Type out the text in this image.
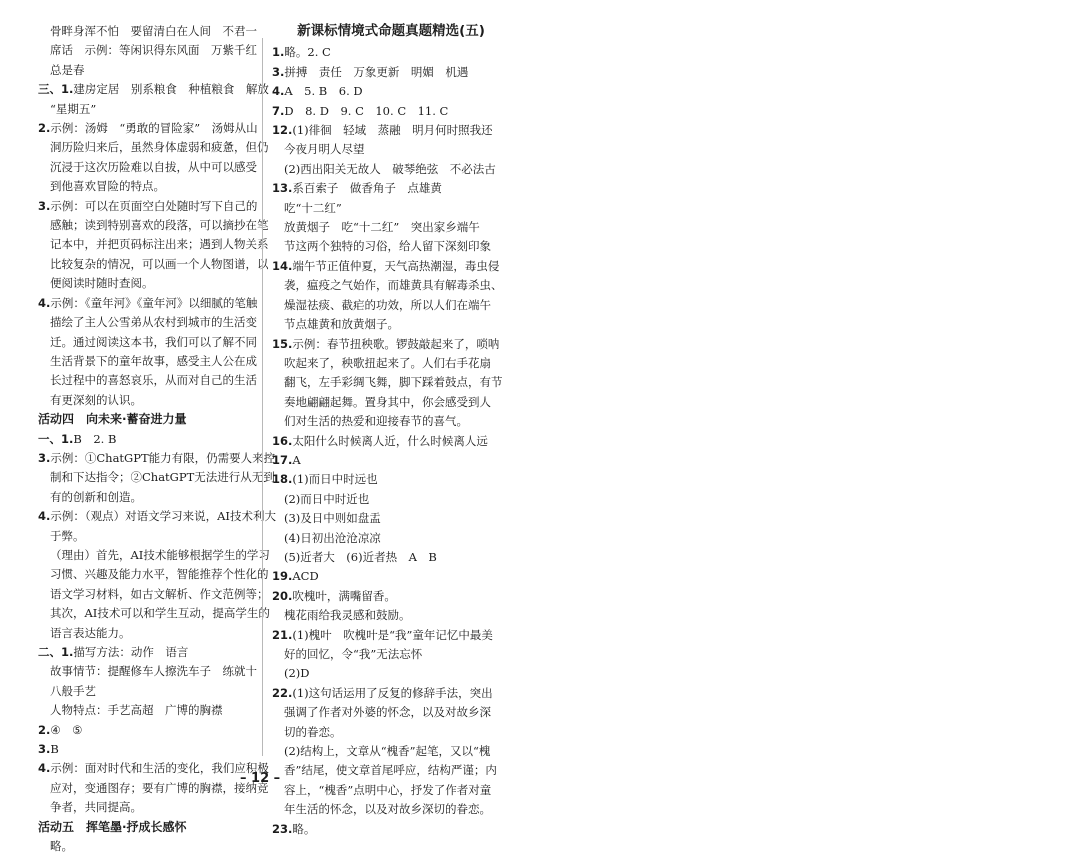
骨畔身浑不怕　要留清白在人间　不君一
席话　示例：等闲识得东风面　万紫千红
总是春
三、1.建房定居　别系粮食　种植粮食　解放
“星期五”
2.示例：汤姆　“勇敢的冒险家”　汤姆从山
洞历险归来后，虽然身体虚弱和疲惫，但仍
沉浸于这次历险难以自拔，从中可以感受
到他喜欢冒险的特点。
3.示例：可以在页面空白处随时写下自己的
感触；读到特别喜欢的段落，可以摘抄在笔
记本中，并把页码标注出来；遇到人物关系
比较复杂的情况，可以画一个人物图谱，以
便阅读时随时查阅。
4.示例：《童年河》《童年河》以细腻的笔触
描绘了主人公雪弟从农村到城市的生活变
迁。通过阅读这本书，我们可以了解不同
生活背景下的童年故事，感受主人公在成
长过程中的喜怒哀乐，从而对自己的生活
有更深刻的认识。
活动四　向未来·蓄奋进力量
一、1.B　2. B
3.示例：①ChatGPT能力有限，仍需要人来控
制和下达指令；②ChatGPT无法进行从无到
有的创新和创造。
4.示例：（观点）对语文学习来说，AI技术利大
于弊。
（理由）首先，AI技术能够根据学生的学习
习惯、兴趣及能力水平，智能推荐个性化的
语文学习材料，如古文解析、作文范例等；
其次，AI技术可以和学生互动，提高学生的
语言表达能力。
二、1.描写方法：动作　语言
故事情节：提醒修车人擦洗车子　练就十
八般手艺
人物特点：手艺高超　广博的胸襟
2.④　⑤
3.B
4.示例：面对时代和生活的变化，我们应积极
应对，变通图存；要有广博的胸襟，接纳竞
争者，共同提高。
活动五　挥笔墨·抒成长感怀
略。
新课标情境式命题真题精选(五)
1.略。2. C
3.拼搏　责任　万象更新　明媚　机遇
4.A　5. B　6. D
7.D　8. D　9. C　10. C　11. C
12.(1)徘徊　轻域　蒸融　明月何时照我还
今夜月明人尽望
(2)西出阳关无故人　破琴绝弦　不必法古
13.系百索子　做香角子　点雄黄
吃“十二红”
放黄烟子　吃“十二红”　突出家乡端午
节这两个独特的习俗，给人留下深刻印象
14.端午节正值仲夏，天气高热潮湿，毒虫侵
袭，瘟疫之气始作，而雄黄具有解毒杀虫、
燥湿祛痰、截疟的功效，所以人们在端午
节点雄黄和放黄烟子。
15.示例：春节扭秧歌。锣鼓敲起来了，唢呐
吹起来了，秧歌扭起来了。人们右手花扇
翻飞，左手彩绸飞舞，脚下踩着鼓点，有节
奏地翩翩起舞。置身其中，你会感受到人
们对生活的热爱和迎接春节的喜气。
16.太阳什么时候离人近，什么时候离人远
17.A
18.(1)而日中时远也
(2)而日中时近也
(3)及日中则如盘盂
(4)日初出沧沧凉凉
(5)近者大　(6)近者热　A　B
19.ACD
20.吹槐叶，满嘴留香。
槐花雨给我灵感和鼓励。
21.(1)槐叶　吹槐叶是“我”童年记忆中最美
好的回忆，令“我”无法忘怀
(2)D
22.(1)这句话运用了反复的修辞手法，突出
强调了作者对外婆的怀念，以及对故乡深
切的眷恋。
(2)结构上，文章从“槐香”起笔，又以“槐
香”结尾，使文章首尾呼应，结构严谨；内
容上，“槐香”点明中心，抒发了作者对童
年生活的怀念，以及对故乡深切的眷恋。
23.略。
– 12 –
